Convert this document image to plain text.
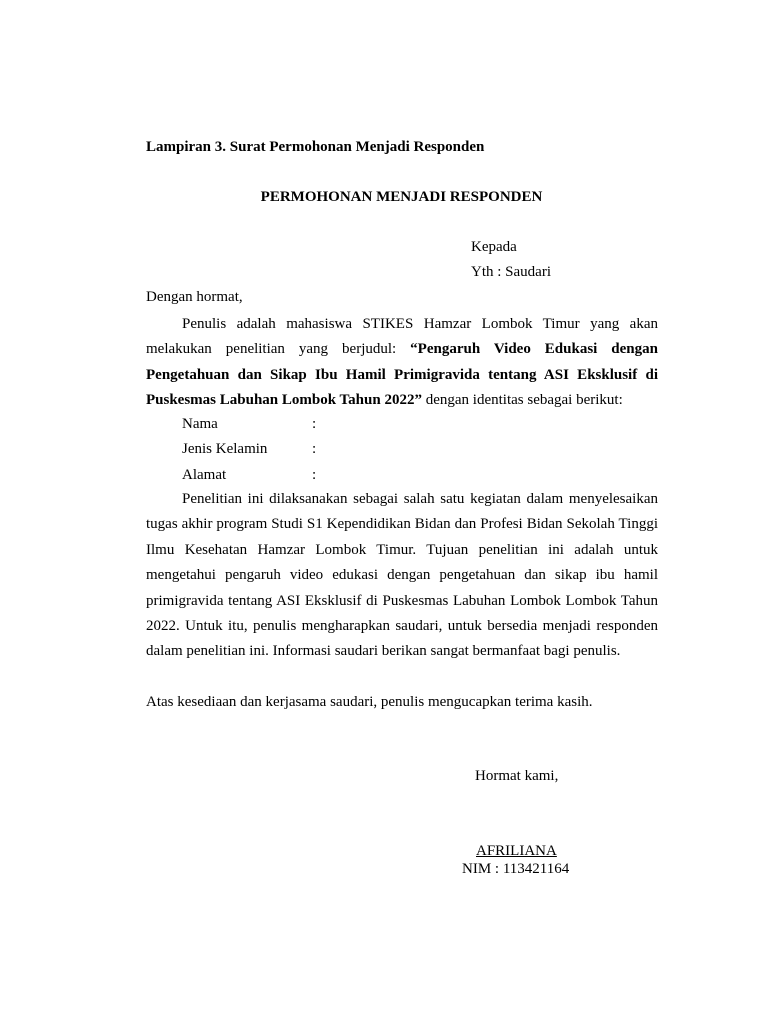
Lampiran 3. Surat Permohonan Menjadi Responden
PERMOHONAN MENJADI RESPONDEN
Kepada
Yth : Saudari
Dengan hormat,
Penulis adalah mahasiswa STIKES Hamzar Lombok Timur yang akan melakukan penelitian yang berjudul: “Pengaruh Video Edukasi dengan Pengetahuan dan Sikap Ibu Hamil Primigravida tentang ASI Eksklusif di Puskesmas Labuhan Lombok Tahun 2022” dengan identitas sebagai berikut:
Nama	:
Jenis Kelamin	:
Alamat	:
Penelitian ini dilaksanakan sebagai salah satu kegiatan dalam menyelesaikan tugas akhir program Studi S1 Kependidikan Bidan dan Profesi Bidan Sekolah Tinggi Ilmu Kesehatan Hamzar Lombok Timur. Tujuan penelitian ini adalah untuk mengetahui pengaruh video edukasi dengan pengetahuan dan sikap ibu hamil primigravida tentang ASI Eksklusif di Puskesmas Labuhan Lombok Lombok Tahun 2022. Untuk itu, penulis mengharapkan saudari, untuk bersedia menjadi responden dalam penelitian ini. Informasi saudari berikan sangat bermanfaat bagi penulis.
Atas kesediaan dan kerjasama saudari, penulis mengucapkan terima kasih.
Hormat kami,
AFRILIANA
NIM : 113421164
